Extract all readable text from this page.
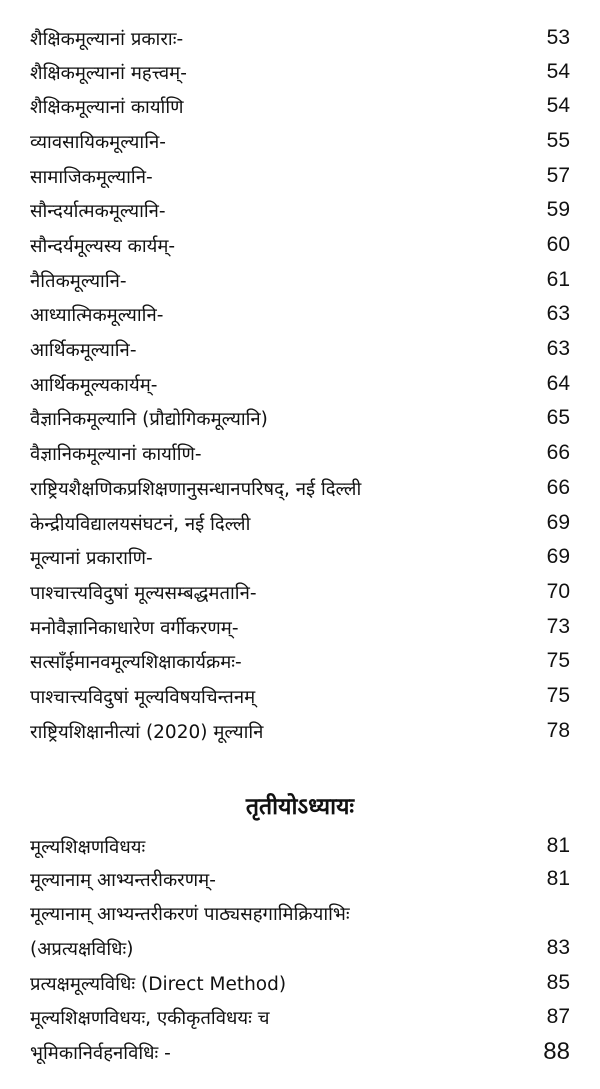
शैक्षिकमूल्यानां प्रकाराः-	53
शैक्षिकमूल्यानां महत्त्वम्-	54
शैक्षिकमूल्यानां कार्याणि	54
व्यावसायिकमूल्यानि-	55
सामाजिकमूल्यानि-	57
सौन्दर्यात्मकमूल्यानि-	59
सौन्दर्यमूल्यस्य कार्यम्-	60
नैतिकमूल्यानि-	61
आध्यात्मिकमूल्यानि-	63
आर्थिकमूल्यानि-	63
आर्थिकमूल्यकार्यम्-	64
वैज्ञानिकमूल्यानि (प्रौद्योगिकमूल्यानि)	65
वैज्ञानिकमूल्यानां कार्याणि-	66
राष्ट्रियशैक्षणिकप्रशिक्षणानुसन्धानपरिषद्, नई दिल्ली	66
केन्द्रीयविद्यालयसंघटनं, नई दिल्ली	69
मूल्यानां प्रकाराणि-	69
पाश्चात्त्यविदुषां मूल्यसम्बद्धमतानि-	70
मनोवैज्ञानिकाधारेण वर्गीकरणम्-	73
सत्साँईमानवमूल्यशिक्षाकार्यक्रमः-	75
पाश्चात्त्यविदुषां मूल्यविषयचिन्तनम्	75
राष्ट्रियशिक्षानीत्यां (2020) मूल्यानि	78
तृतीयोऽध्यायः
मूल्यशिक्षणविधयः	81
मूल्यानाम् आभ्यन्तरीकरणम्-	81
मूल्यानाम् आभ्यन्तरीकरणं पाठ्यसहगामिक्रियाभिः
(अप्रत्यक्षविधिः)	83
प्रत्यक्षमूल्यविधिः (Direct Method)	85
मूल्यशिक्षणविधयः, एकीकृतविधयः च	87
भूमिकानिर्वहनविधिः -	88
